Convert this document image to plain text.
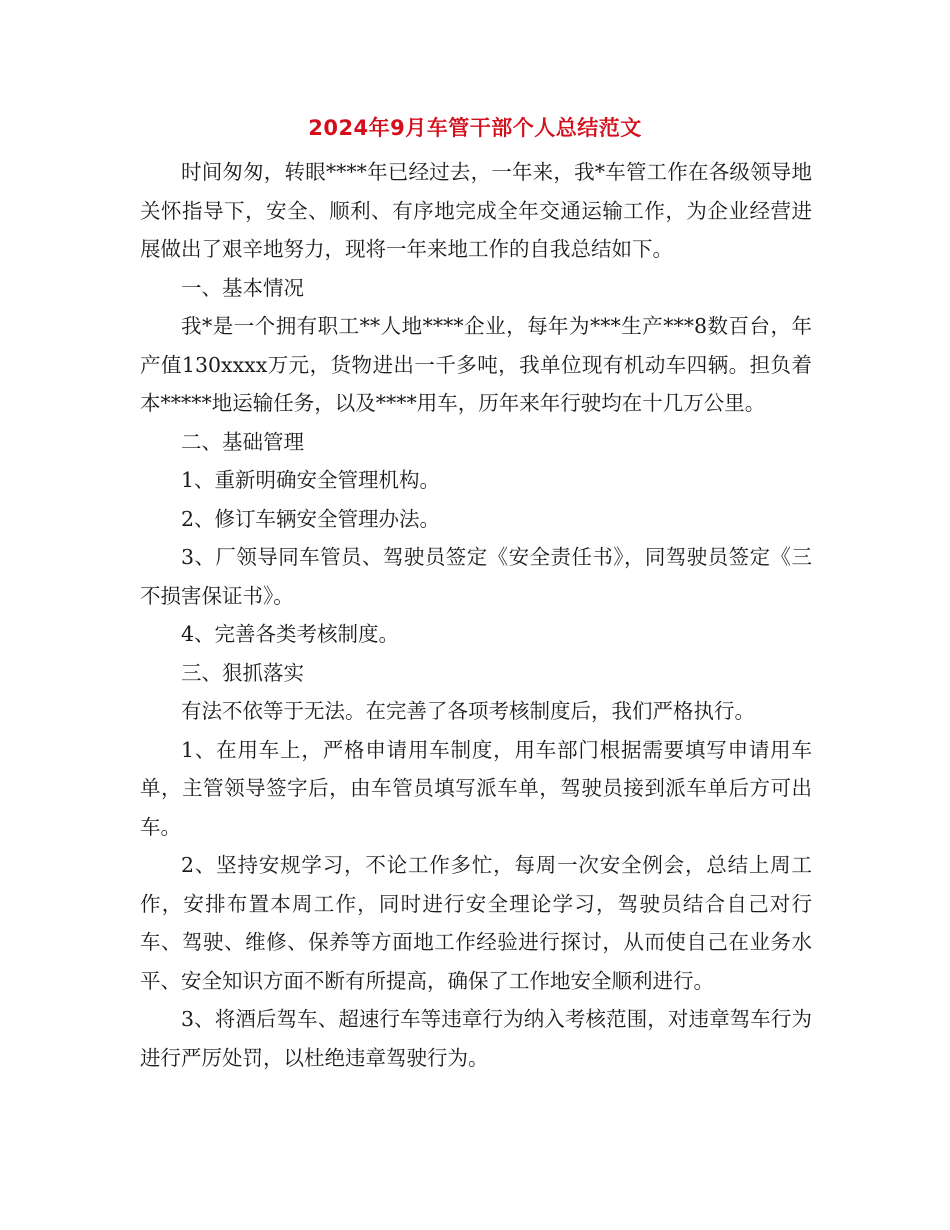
2024年9月车管干部个人总结范文

时间匆匆，转眼****年已经过去，一年来，我*车管工作在各级领导地关怀指导下，安全、顺利、有序地完成全年交通运输工作，为企业经营进展做出了艰辛地努力，现将一年来地工作的自我总结如下。

一、基本情况

我*是一个拥有职工**人地****企业，每年为***生产***8数百台，年产值130xxxx万元，货物进出一千多吨，我单位现有机动车四辆。担负着本*****地运输任务，以及****用车，历年来年行驶均在十几万公里。

二、基础管理

1、重新明确安全管理机构。

2、修订车辆安全管理办法。

3、厂领导同车管员、驾驶员签定《安全责任书》，同驾驶员签定《三不损害保证书》。

4、完善各类考核制度。

三、狠抓落实

有法不依等于无法。在完善了各项考核制度后，我们严格执行。

1、在用车上，严格申请用车制度，用车部门根据需要填写申请用车单，主管领导签字后，由车管员填写派车单，驾驶员接到派车单后方可出车。

2、坚持安规学习，不论工作多忙，每周一次安全例会，总结上周工作，安排布置本周工作，同时进行安全理论学习，驾驶员结合自己对行车、驾驶、维修、保养等方面地工作经验进行探讨，从而使自己在业务水平、安全知识方面不断有所提高，确保了工作地安全顺利进行。

3、将酒后驾车、超速行车等违章行为纳入考核范围，对违章驾车行为进行严厉处罚，以杜绝违章驾驶行为。
